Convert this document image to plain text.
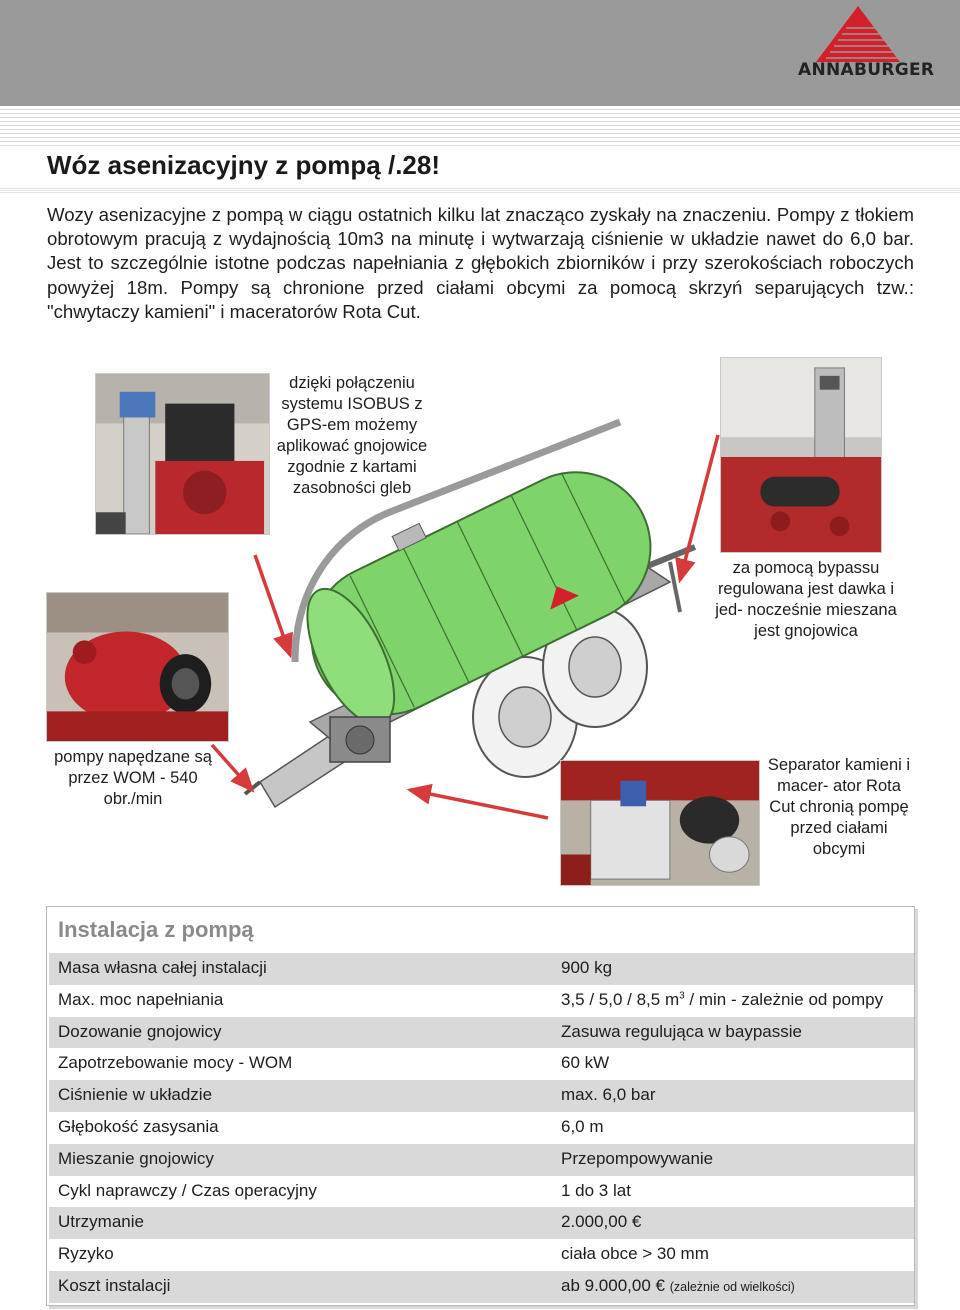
ANNABURGER
Wóz asenizacyjny z pompą /.28!

Wozy asenizacyjne z pompą w ciągu ostatnich kilku lat znacząco zyskały na znaczeniu. Pompy z tłokiem obrotowym pracują z wydajnością 10m3 na minutę i wytwarzają ciśnienie w układzie nawet do 6,0 bar. Jest to szczególnie istotne podczas napełniania z głębokich zbiorników i przy szerokościach roboczych powyżej 18m. Pompy są chronione przed ciałami obcymi za pomocą skrzyń separujących tzw.: "chwytaczy kamieni" i maceratorów Rota Cut.

dzięki połączeniu systemu ISOBUS z GPS-em możemy aplikować gnojowice zgodnie z kartami zasobności gleb
za pomocą bypassu regulowana jest dawka i jed- nocześnie mieszana jest gnojowica
pompy napędzane są przez WOM - 540 obr./min
Separator kamieni i macer- ator Rota Cut chronią pompę przed ciałami obcymi
Instalacja z pompą
Masa własna całej instalacji	900 kg
Max. moc napełniania	3,5 / 5,0 / 8,5 $m^3$ / min - zależnie od pompy
Dozowanie gnojowicy	Zasuwa regulująca w baypassie
Zapotrzebowanie mocy - WOM	60 kW
Ciśnienie w układzie	max. 6,0 bar
Głębokość zasysania	6,0 m
Mieszanie gnojowicy	Przepompowywanie
Cykl naprawczy / Czas operacyjny	1 do 3 lat
Utrzymanie	2.000,00 €
Ryzyko	ciała obce > 30 mm
Koszt instalacji	ab 9.000,00 € (zależnie od wielkości)
